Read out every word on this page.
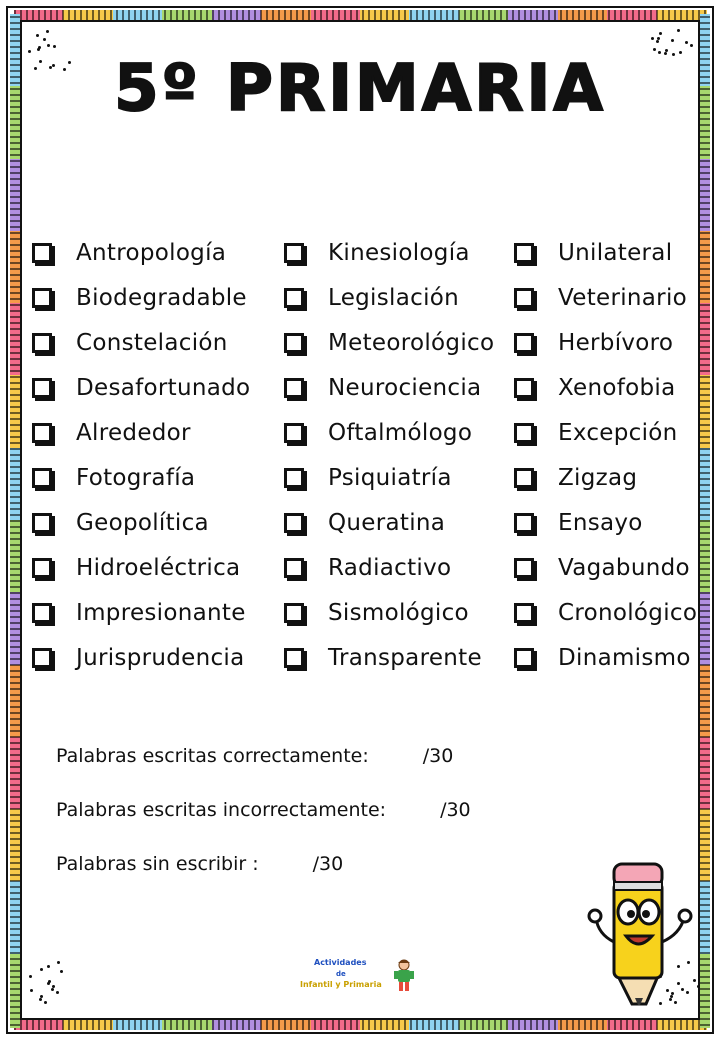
5º PRIMARIA
Antropología
Biodegradable
Constelación
Desafortunado
Alrededor
Fotografía
Geopolítica
Hidroeléctrica
Impresionante
Jurisprudencia
Kinesiología
Legislación
Meteorológico
Neurociencia
Oftalmólogo
Psiquiatría
Queratina
Radiactivo
Sismológico
Transparente
Unilateral
Veterinario
Herbívoro
Xenofobia
Excepción
Zigzag
Ensayo
Vagabundo
Cronológico
Dinamismo
Palabras escritas correctamente:	/30
Palabras escritas incorrectamente:	/30
Palabras sin escribir :	/30
Actividades
de
Infantil y Primaria
